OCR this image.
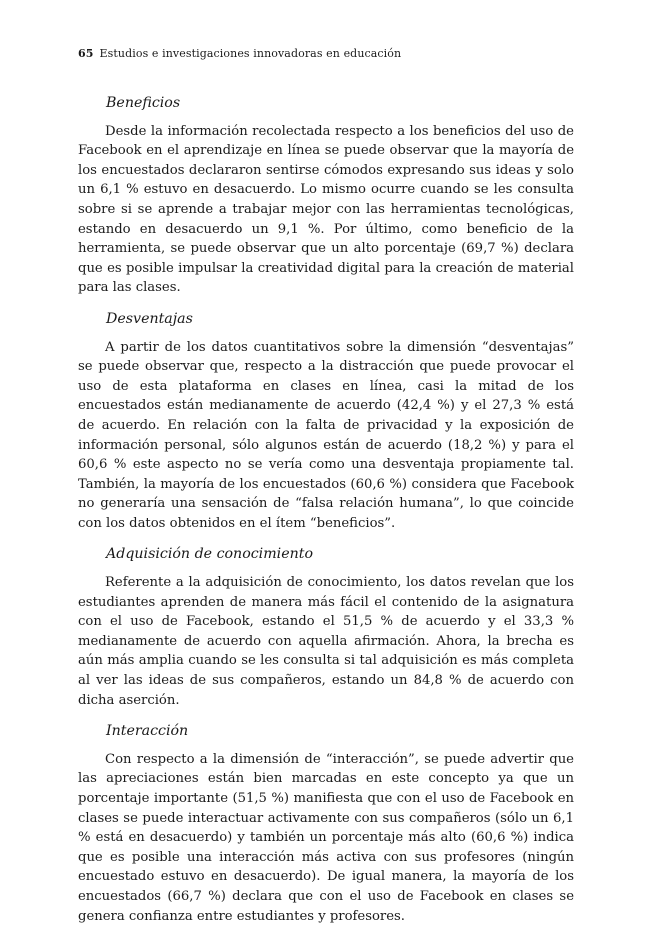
65 Estudios e investigaciones innovadoras en educación
Beneficios

Desde la información recolectada respecto a los beneficios del uso de Facebook en el aprendizaje en línea se puede observar que la mayoría de los encuestados declararon sentirse cómodos expresando sus ideas y solo un 6,1 % estuvo en desacuerdo. Lo mismo ocurre cuando se les consulta sobre si se aprende a trabajar mejor con las herramientas tecnológicas, estando en desacuerdo un 9,1 %. Por último, como beneficio de la herramienta, se puede observar que un alto porcentaje (69,7 %) declara que es posible impulsar la creatividad digital para la creación de material para las clases.

Desventajas

A partir de los datos cuantitativos sobre la dimensión “desventajas” se puede observar que, respecto a la distracción que puede provocar el uso de esta plataforma en clases en línea, casi la mitad de los encuestados están medianamente de acuerdo (42,4 %) y el 27,3 % está de acuerdo. En relación con la falta de privacidad y la exposición de información personal, sólo algunos están de acuerdo (18,2 %) y para el 60,6 % este aspecto no se vería como una desventaja propiamente tal. También, la mayoría de los encuestados (60,6 %) considera que Facebook no generaría una sensación de “falsa relación humana”, lo que coincide con los datos obtenidos en el ítem “beneficios”.

Adquisición de conocimiento

Referente a la adquisición de conocimiento, los datos revelan que los estudiantes aprenden de manera más fácil el contenido de la asignatura con el uso de Facebook, estando el 51,5 % de acuerdo y el 33,3 % medianamente de acuerdo con aquella afirmación. Ahora, la brecha es aún más amplia cuando se les consulta si tal adquisición es más completa al ver las ideas de sus compañeros, estando un 84,8 % de acuerdo con dicha aserción.

Interacción

Con respecto a la dimensión de “interacción”, se puede advertir que las apreciaciones están bien marcadas en este concepto ya que un porcentaje importante (51,5 %) manifiesta que con el uso de Facebook en clases se puede interactuar activamente con sus compañeros (sólo un 6,1 % está en desacuerdo) y también un porcentaje más alto (60,6 %) indica que es posible una interacción más activa con sus profesores (ningún encuestado estuvo en desacuerdo). De igual manera, la mayoría de los encuestados (66,7 %) declara que con el uso de Facebook en clases se genera confianza entre estudiantes y profesores.
